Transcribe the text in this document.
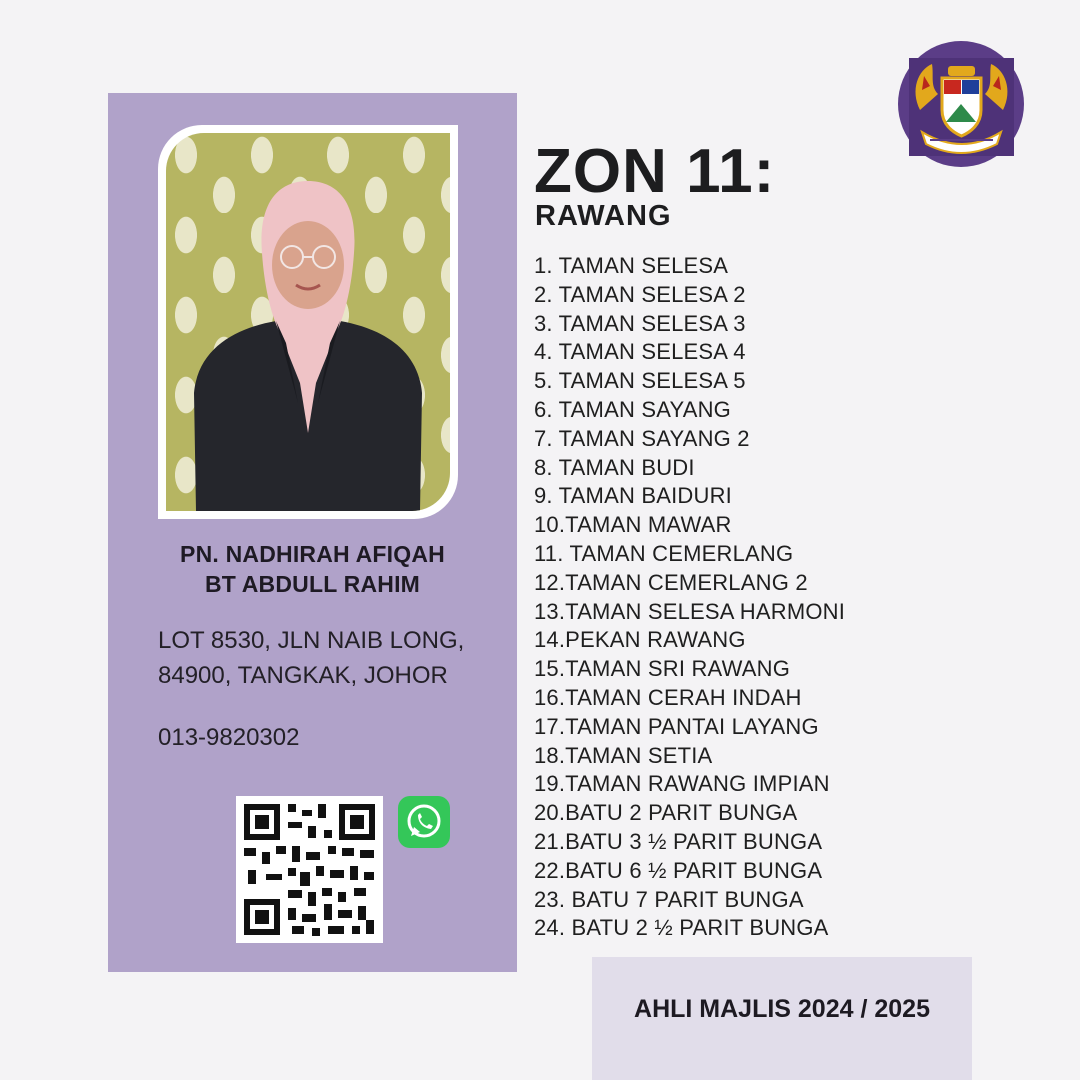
PN. NADHIRAH AFIQAH
BT ABDULL RAHIM
LOT 8530, JLN NAIB LONG,
84900, TANGKAK, JOHOR
013-9820302
ZON 11:
RAWANG
1. TAMAN SELESA
2. TAMAN SELESA 2
3. TAMAN SELESA 3
4. TAMAN SELESA 4
5. TAMAN SELESA 5
6. TAMAN SAYANG
7. TAMAN SAYANG 2
8. TAMAN BUDI
9. TAMAN BAIDURI
10.TAMAN MAWAR
11. TAMAN CEMERLANG
12.TAMAN CEMERLANG 2
13.TAMAN SELESA HARMONI
14.PEKAN RAWANG
15.TAMAN SRI RAWANG
16.TAMAN CERAH INDAH
17.TAMAN PANTAI LAYANG
18.TAMAN SETIA
19.TAMAN RAWANG IMPIAN
20.BATU 2 PARIT BUNGA
21.BATU 3 ½ PARIT BUNGA
22.BATU 6 ½ PARIT BUNGA
23. BATU 7 PARIT BUNGA
24. BATU 2 ½ PARIT BUNGA
AHLI MAJLIS 2024 / 2025
